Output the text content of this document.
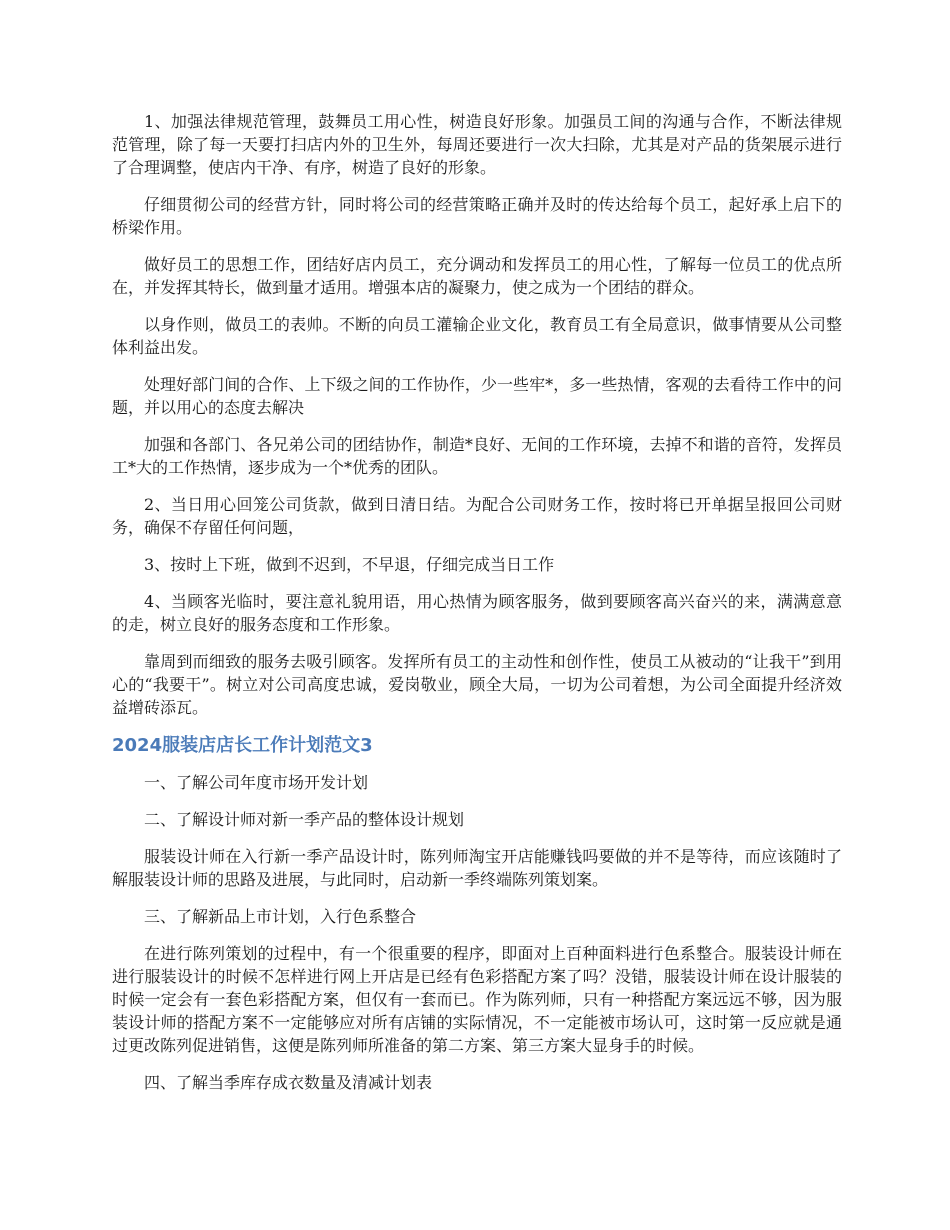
1、加强法律规范管理，鼓舞员工用心性，树造良好形象。加强员工间的沟通与合作，不断法律规范管理，除了每一天要打扫店内外的卫生外，每周还要进行一次大扫除，尤其是对产品的货架展示进行了合理调整，使店内干净、有序，树造了良好的形象。

仔细贯彻公司的经营方针，同时将公司的经营策略正确并及时的传达给每个员工，起好承上启下的桥梁作用。

做好员工的思想工作，团结好店内员工，充分调动和发挥员工的用心性，了解每一位员工的优点所在，并发挥其特长，做到量才适用。增强本店的凝聚力，使之成为一个团结的群众。

以身作则，做员工的表帅。不断的向员工灌输企业文化，教育员工有全局意识，做事情要从公司整体利益出发。

处理好部门间的合作、上下级之间的工作协作，少一些牢*，多一些热情，客观的去看待工作中的问题，并以用心的态度去解决

加强和各部门、各兄弟公司的团结协作，制造*良好、无间的工作环境，去掉不和谐的音符，发挥员工*大的工作热情，逐步成为一个*优秀的团队。

2、当日用心回笼公司货款，做到日清日结。为配合公司财务工作，按时将已开单据呈报回公司财务，确保不存留任何问题，

3、按时上下班，做到不迟到，不早退，仔细完成当日工作

4、当顾客光临时，要注意礼貌用语，用心热情为顾客服务，做到要顾客高兴奋兴的来，满满意意的走，树立良好的服务态度和工作形象。

靠周到而细致的服务去吸引顾客。发挥所有员工的主动性和创作性，使员工从被动的“让我干”到用心的“我要干”。树立对公司高度忠诚，爱岗敬业，顾全大局，一切为公司着想，为公司全面提升经济效益增砖添瓦。

2024服装店店长工作计划范文3

一、了解公司年度市场开发计划

二、了解设计师对新一季产品的整体设计规划

服装设计师在入行新一季产品设计时，陈列师淘宝开店能赚钱吗要做的并不是等待，而应该随时了解服装设计师的思路及进展，与此同时，启动新一季终端陈列策划案。

三、了解新品上市计划，入行色系整合

在进行陈列策划的过程中，有一个很重要的程序，即面对上百种面料进行色系整合。服装设计师在进行服装设计的时候不怎样进行网上开店是已经有色彩搭配方案了吗？没错，服装设计师在设计服装的时候一定会有一套色彩搭配方案，但仅有一套而已。作为陈列师，只有一种搭配方案远远不够，因为服装设计师的搭配方案不一定能够应对所有店铺的实际情况，不一定能被市场认可，这时第一反应就是通过更改陈列促进销售，这便是陈列师所准备的第二方案、第三方案大显身手的时候。

四、了解当季库存成衣数量及清减计划表
